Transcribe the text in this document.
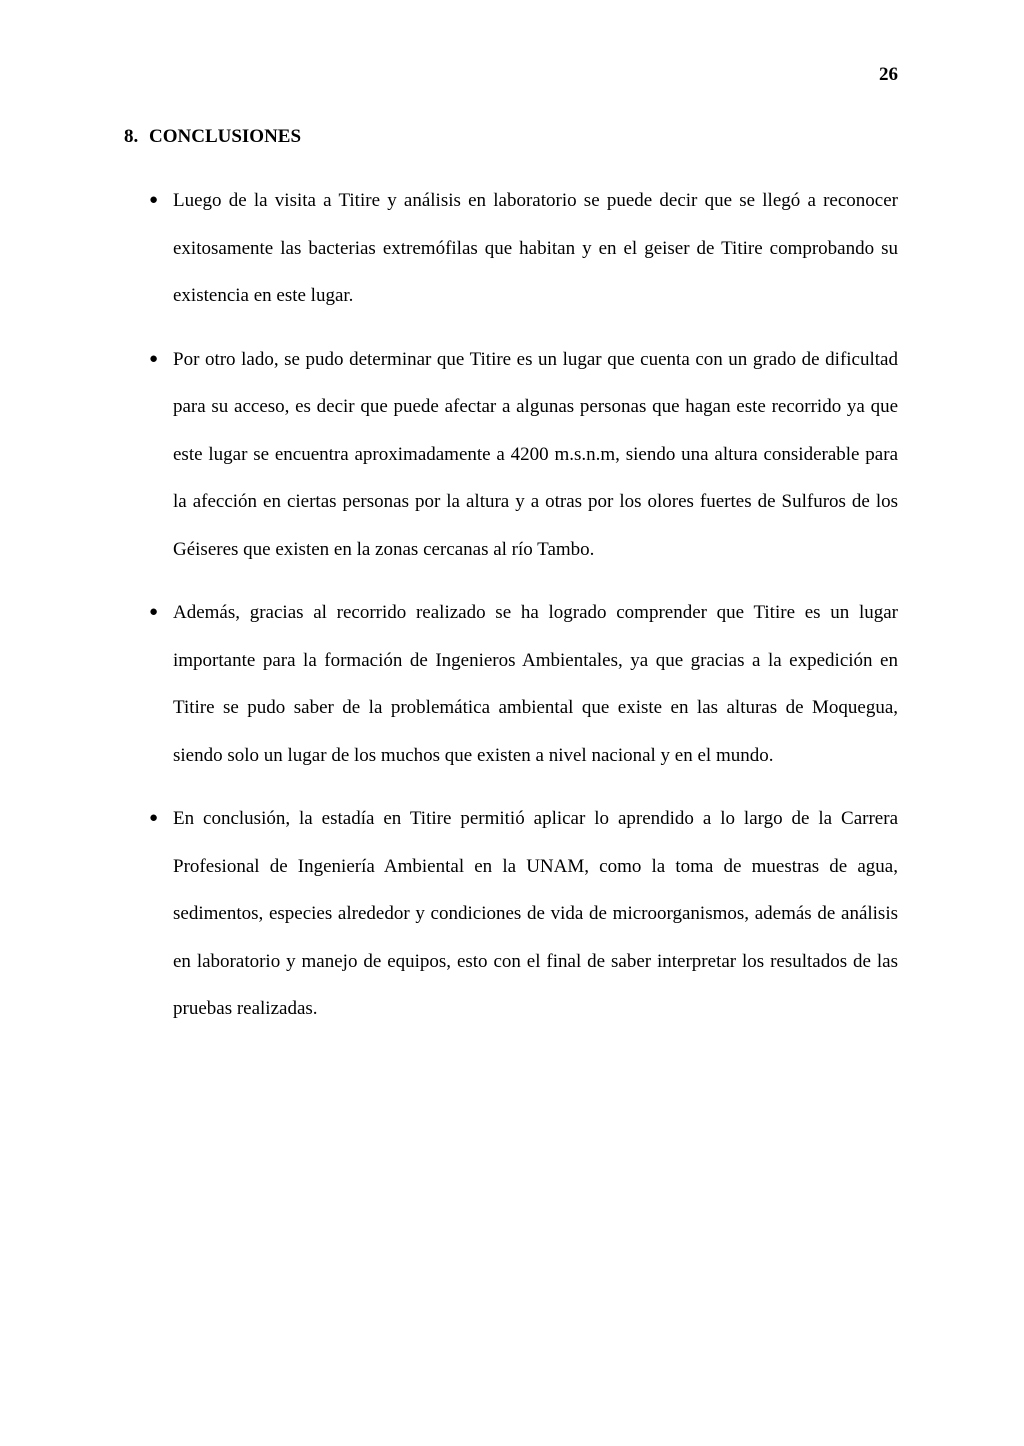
26
8. CONCLUSIONES
● Luego de la visita a Titire y análisis en laboratorio se puede decir que se llegó a reconocer exitosamente las bacterias extremófilas que habitan y en el geiser de Titire comprobando su existencia en este lugar.

● Por otro lado, se pudo determinar que Titire es un lugar que cuenta con un grado de dificultad para su acceso, es decir que puede afectar a algunas personas que hagan este recorrido ya que este lugar se encuentra aproximadamente a 4200 m.s.n.m, siendo una altura considerable para la afección en ciertas personas por la altura y a otras por los olores fuertes de Sulfuros de los Géiseres que existen en la zonas cercanas al río Tambo.

● Además, gracias al recorrido realizado se ha logrado comprender que Titire es un lugar importante para la formación de Ingenieros Ambientales, ya que gracias a la expedición en Titire se pudo saber de la problemática ambiental que existe en las alturas de Moquegua, siendo solo un lugar de los muchos que existen a nivel nacional y en el mundo.

● En conclusión, la estadía en Titire permitió aplicar lo aprendido a lo largo de la Carrera Profesional de Ingeniería Ambiental en la UNAM, como la toma de muestras de agua, sedimentos, especies alrededor y condiciones de vida de microorganismos, además de análisis en laboratorio y manejo de equipos, esto con el final de saber interpretar los resultados de las pruebas realizadas.
